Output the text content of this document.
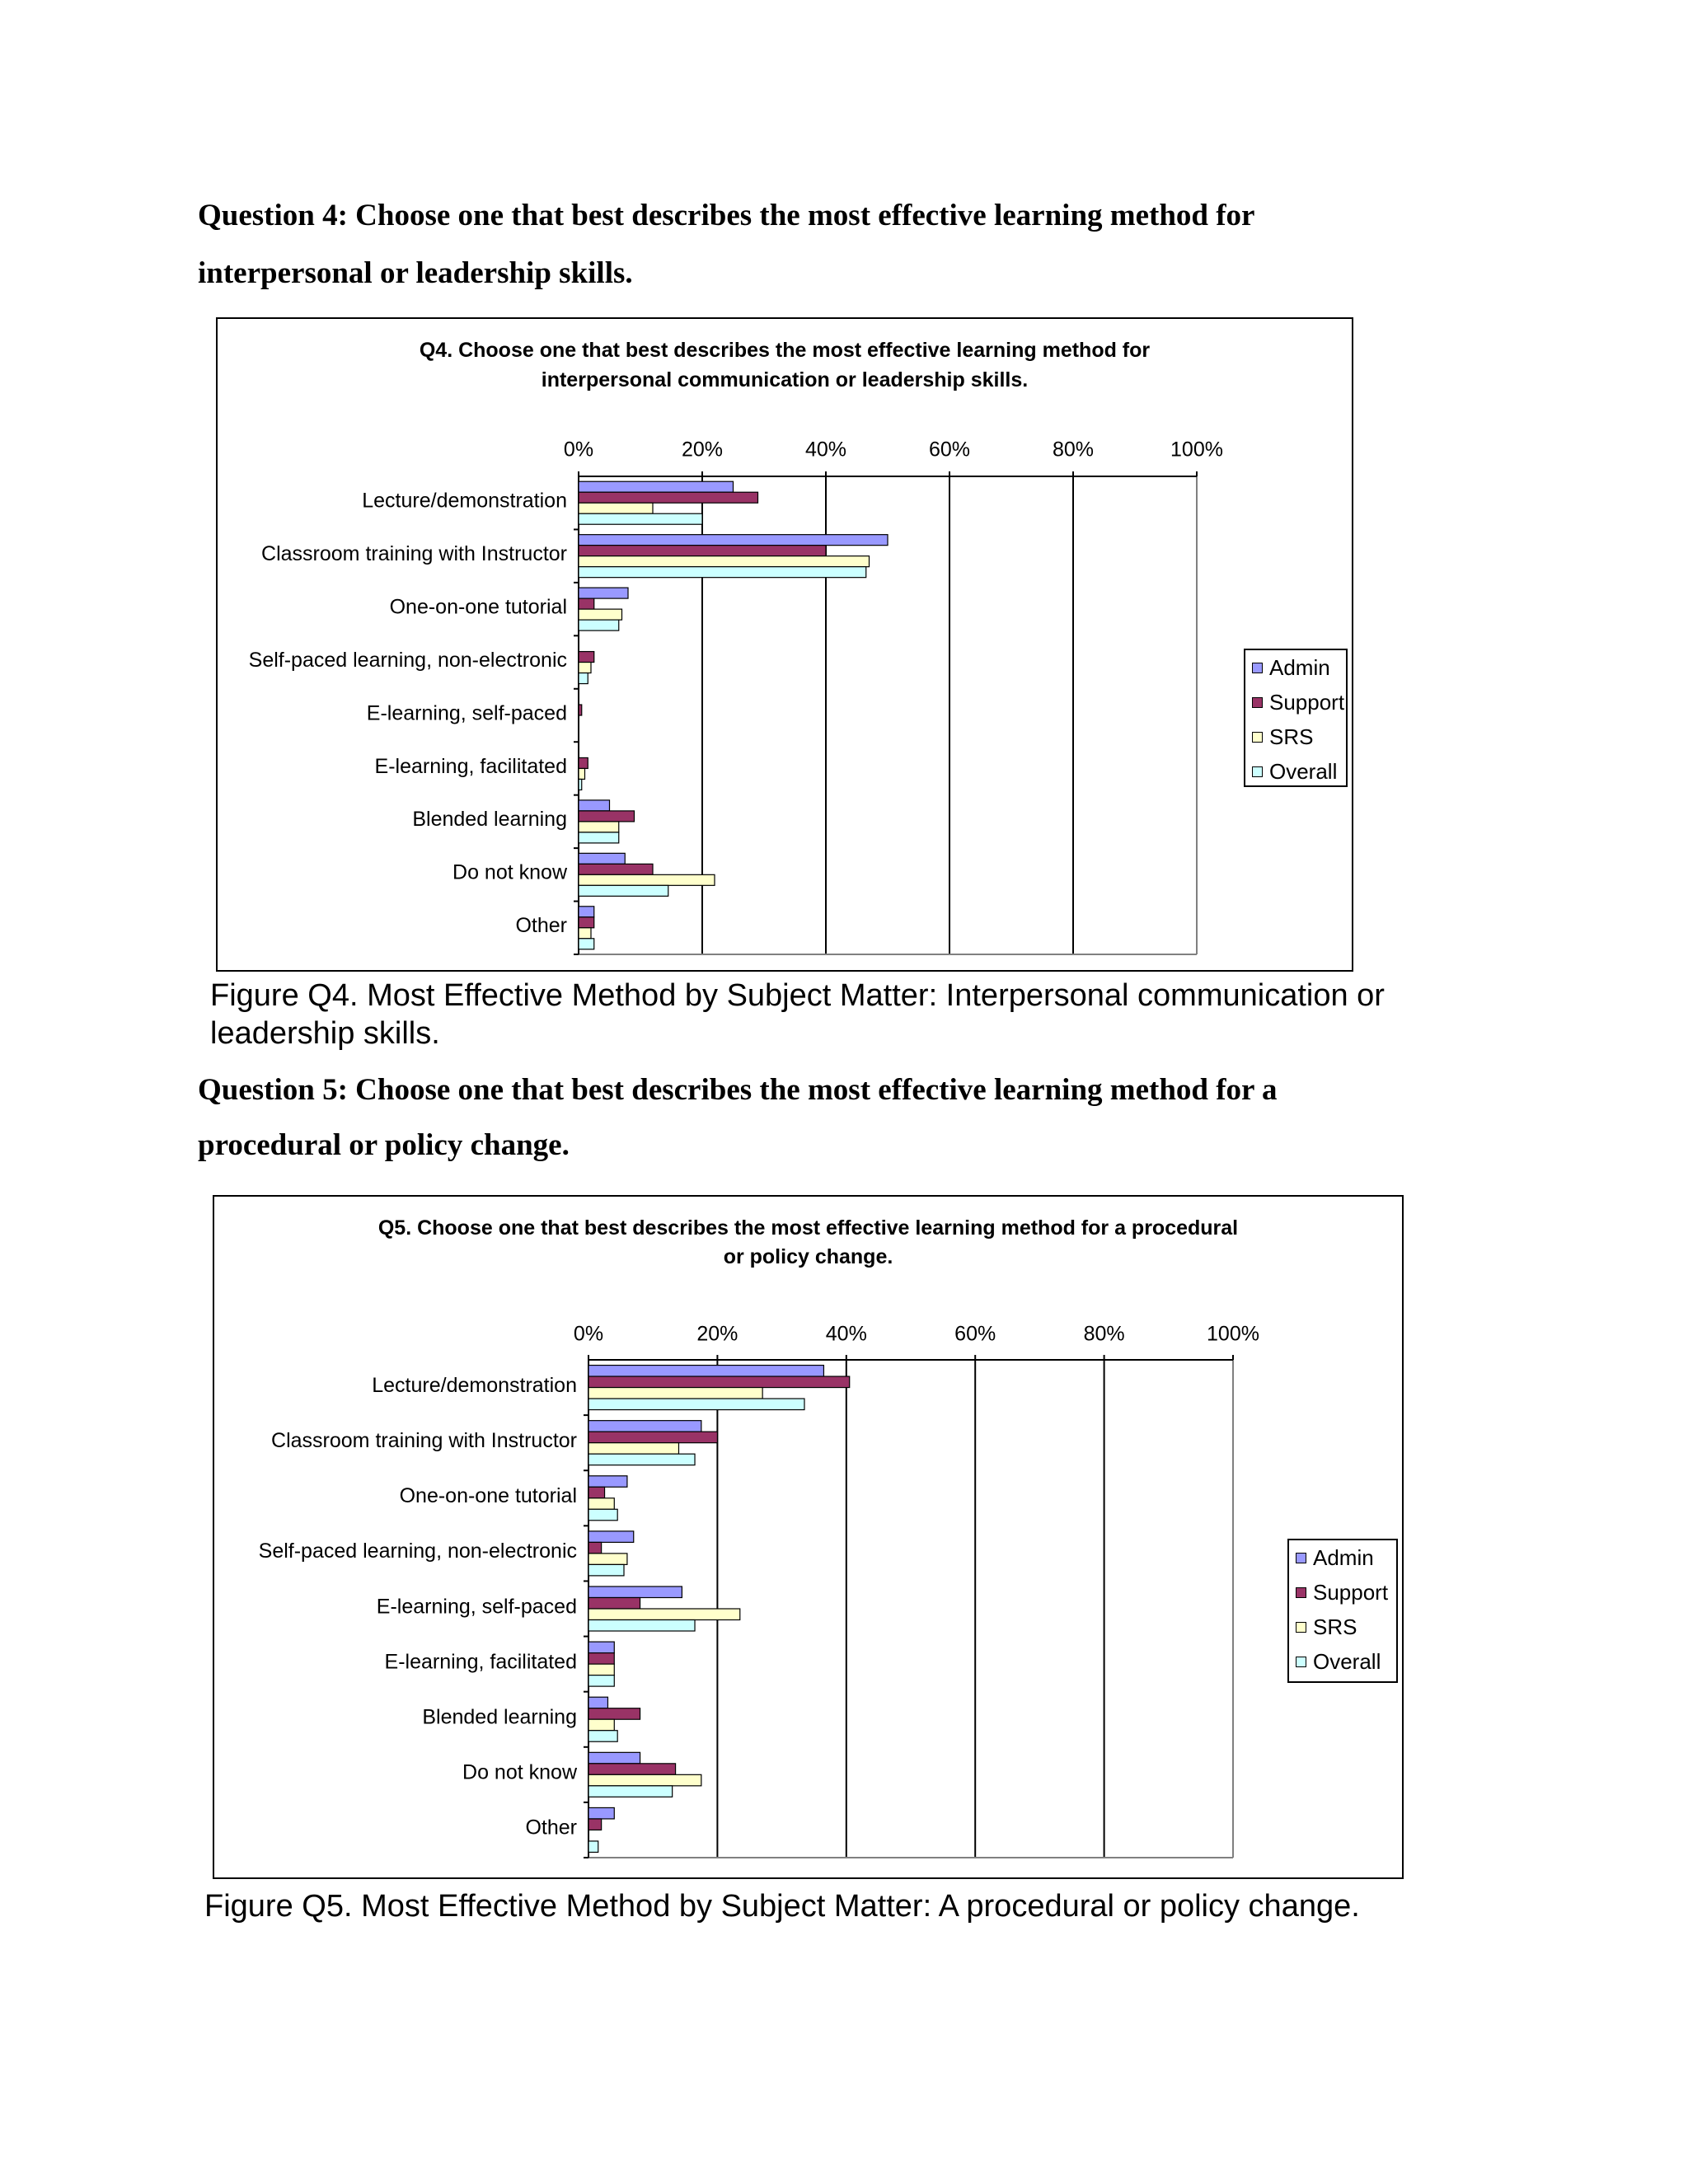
Question 4: Choose one that best describes the most effective learning method for

interpersonal or leadership skills.

Q4. Choose one that best describes the most effective learning method for

interpersonal communication or leadership skills.

0%	20%	40%	60%	80%	100%
Lecture/demonstration
Classroom training with Instructor
One-on-one tutorial
Self-paced learning, non-electronic
E-learning, self-paced
E-learning, facilitated
Blended learning
Do not know
Other
Admin
Support
SRS
Overall

Figure Q4. Most Effective Method by Subject Matter: Interpersonal communication or

leadership skills.

Question 5: Choose one that best describes the most effective learning method for a

procedural or policy change.

Q5. Choose one that best describes the most effective learning method for a procedural

or policy change.

0%	20%	40%	60%	80%	100%
Lecture/demonstration
Classroom training with Instructor
One-on-one tutorial
Self-paced learning, non-electronic
E-learning, self-paced
E-learning, facilitated
Blended learning
Do not know
Other
Admin
Support
SRS
Overall

Figure Q5. Most Effective Method by Subject Matter: A procedural or policy change.
